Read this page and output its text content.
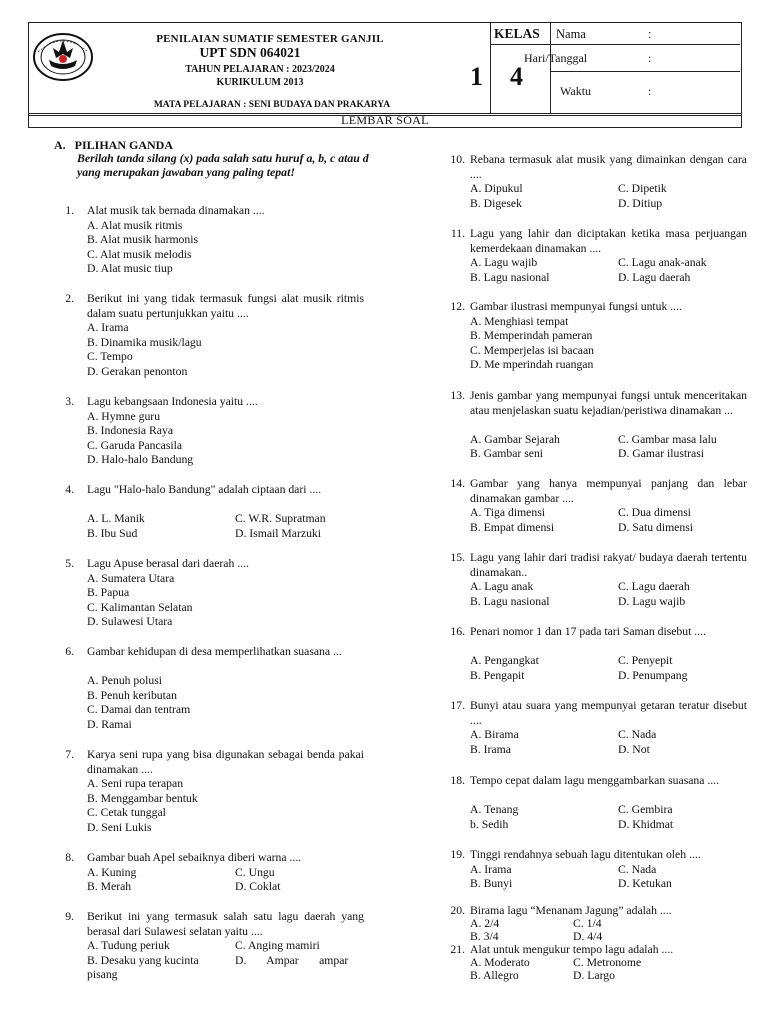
PENILAIAN SUMATIF SEMESTER GANJIL
UPT SDN 064021
TAHUN PELAJARAN : 2023/2024
KURIKULUM 2013
MATA PELAJARAN : SENI BUDAYA DAN PRAKARYA
KELAS
1 4
Nama	:
Hari/Tanggal	:
Waktu	:
LEMBAR SOAL
A.   PILIHAN GANDA
Berilah tanda silang (x) pada salah satu huruf a, b, c atau d yang merupakan jawaban yang paling tepat!
1. Alat musik tak bernada dinamakan ....
A. Alat musik ritmis
B. Alat musik harmonis
C. Alat musik melodis
D. Alat music tiup
2. Berikut ini yang tidak termasuk fungsi alat musik ritmis dalam suatu pertunjukkan yaitu ....
A. Irama
B. Dinamika musik/lagu
C. Tempo
D. Gerakan penonton
3. Lagu kebangsaan Indonesia yaitu ....
A. Hymne guru
B. Indonesia Raya
C. Garuda Pancasila
D. Halo-halo Bandung
4. Lagu "Halo-halo Bandung" adalah ciptaan dari ....
A. L. Manik
B. Ibu Sud
C. W.R. Supratman
D. Ismail Marzuki
5. Lagu Apuse berasal dari daerah ....
A. Sumatera Utara
B. Papua
C. Kalimantan Selatan
D. Sulawesi Utara
6. Gambar kehidupan di desa memperlihatkan suasana ...
A. Penuh polusi
B. Penuh keributan
C. Damai dan tentram
D. Ramai
7. Karya seni rupa yang bisa digunakan sebagai benda pakai dinamakan ....
A. Seni rupa terapan
B. Menggambar bentuk
C. Cetak tunggal
D. Seni Lukis
8. Gambar buah Apel sebaiknya diberi warna ....
A. Kuning
B. Merah
C. Ungu
D. Coklat
9. Berikut ini yang termasuk salah satu lagu daerah yang berasal dari Sulawesi selatan yaitu ....
A. Tudung periuk
B. Desaku yang kucinta
C. Anging mamiri
D.       Ampar       ampar
pisang
10. Rebana termasuk alat musik yang dimainkan dengan cara ....
A. Dipukul
B. Digesek
C. Dipetik
D. Ditiup
11. Lagu yang lahir dan diciptakan ketika masa perjuangan kemerdekaan dinamakan ....
A. Lagu wajib
B. Lagu nasional
C. Lagu anak-anak
D. Lagu daerah
12. Gambar ilustrasi mempunyai fungsi untuk ....
A. Menghiasi tempat
B. Memperindah pameran
C. Memperjelas isi bacaan
D. Me mperindah ruangan
13. Jenis gambar yang mempunyai fungsi untuk menceritakan atau menjelaskan suatu kejadian/peristiwa dinamakan ...
A. Gambar Sejarah
B. Gambar seni
C. Gambar masa lalu
D. Gamar ilustrasi
14. Gambar yang hanya mempunyai panjang dan lebar dinamakan gambar ....
A. Tiga dimensi
B. Empat dimensi
C. Dua dimensi
D. Satu dimensi
15. Lagu yang lahir dari tradisi rakyat/ budaya daerah tertentu dinamakan..
A. Lagu anak
B. Lagu nasional
C. Lagu daerah
D. Lagu wajib
16. Penari nomor 1 dan 17 pada tari Saman disebut ....
A. Pengangkat
B. Pengapit
C. Penyepit
D. Penumpang
17. Bunyi atau suara yang mempunyai getaran teratur disebut ....
A. Birama
B. Irama
C. Nada
D. Not
18. Tempo cepat dalam lagu menggambarkan suasana ....
A. Tenang
b. Sedih
C. Gembira
D. Khidmat
19. Tinggi rendahnya sebuah lagu ditentukan oleh ....
A. Irama
B. Bunyi
C. Nada
D. Ketukan
20. Birama lagu “Menanam Jagung” adalah ....
A. 2/4
B. 3/4
C. 1/4
D. 4/4
21. Alat untuk mengukur tempo lagu adalah ....
A. Moderato
B. Allegro
C. Metronome
D. Largo
